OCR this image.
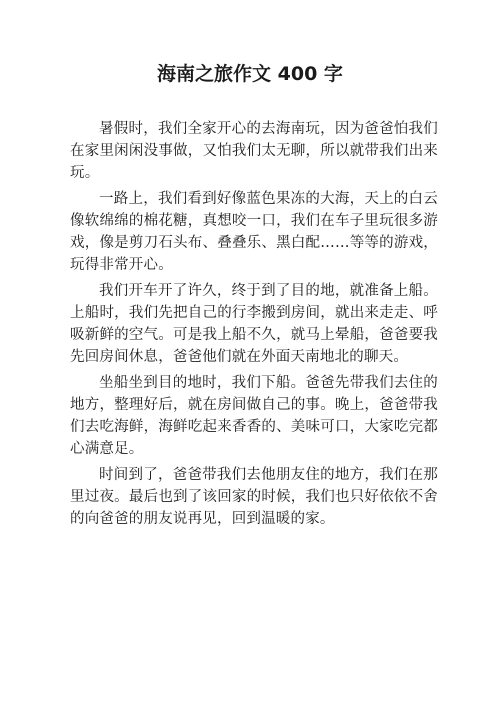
海南之旅作文 400 字

暑假时，我们全家开心的去海南玩，因为爸爸怕我们在家里闲闲没事做，又怕我们太无聊，所以就带我们出来玩。

一路上，我们看到好像蓝色果冻的大海，天上的白云像软绵绵的棉花糖，真想咬一口，我们在车子里玩很多游戏，像是剪刀石头布、叠叠乐、黑白配……等等的游戏，玩得非常开心。

我们开车开了许久，终于到了目的地，就准备上船。上船时，我们先把自己的行李搬到房间，就出来走走、呼吸新鲜的空气。可是我上船不久，就马上晕船，爸爸要我先回房间休息，爸爸他们就在外面天南地北的聊天。

坐船坐到目的地时，我们下船。爸爸先带我们去住的地方，整理好后，就在房间做自己的事。晚上，爸爸带我们去吃海鲜，海鲜吃起来香香的、美味可口，大家吃完都心满意足。

时间到了，爸爸带我们去他朋友住的地方，我们在那里过夜。最后也到了该回家的时候，我们也只好依依不舍的向爸爸的朋友说再见，回到温暖的家。
